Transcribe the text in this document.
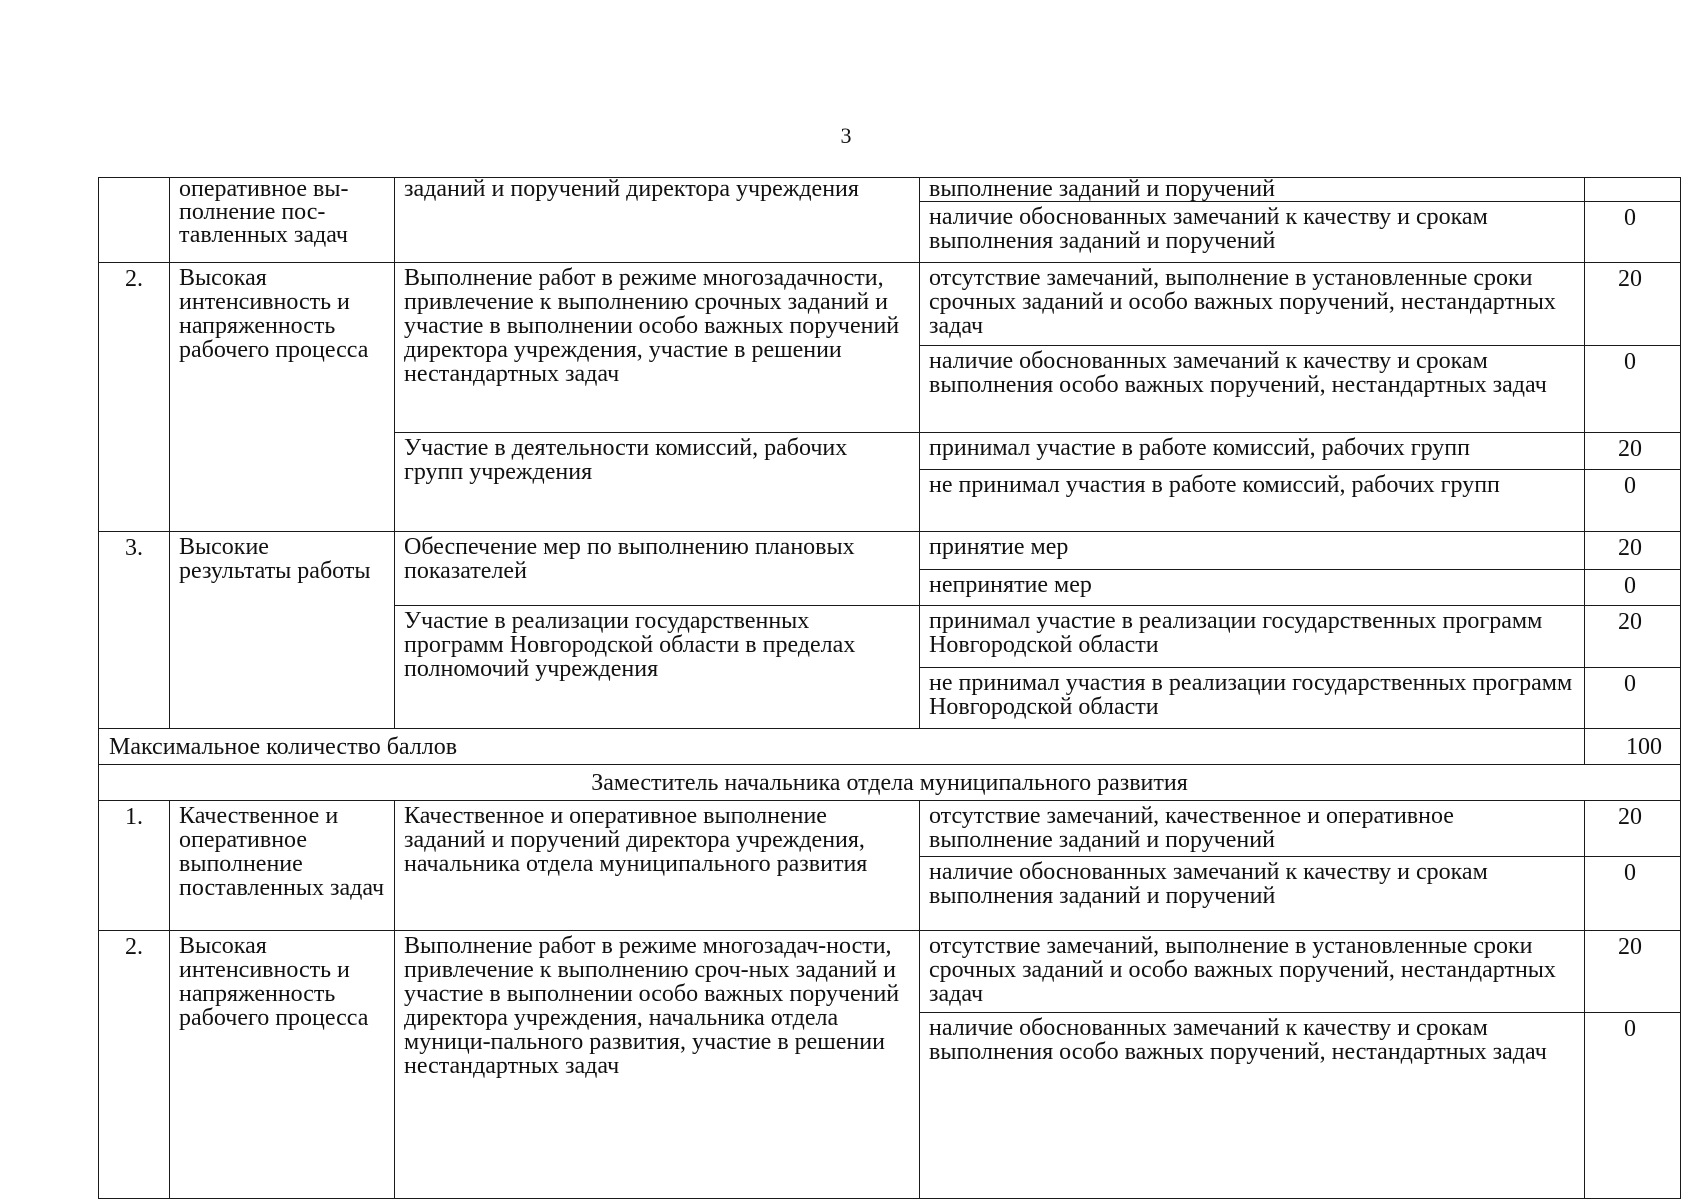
3
	оперативное вы-полнение пос-тавленных задач	заданий и поручений директора учреждения	выполнение заданий и поручений	
			наличие обоснованных замечаний к качеству и срокам выполнения заданий и поручений	0
2.	Высокая интенсивность и напряженность рабочего процесса	Выполнение работ в режиме многозадачности, привлечение к выполнению срочных заданий и участие в выполнении особо важных поручений директора учреждения, участие в решении нестандартных задач	отсутствие замечаний, выполнение в установленные сроки срочных заданий и особо важных поручений, нестандартных задач	20
			наличие обоснованных замечаний к качеству и срокам выполнения особо важных поручений, нестандартных задач	0
		Участие в деятельности комиссий, рабочих групп учреждения	принимал участие в работе комиссий, рабочих групп	20
			не принимал участия в работе комиссий, рабочих групп	0
3.	Высокие результаты работы	Обеспечение мер по выполнению плановых показателей	принятие мер	20
			непринятие мер	0
		Участие в реализации государственных программ Новгородской области в пределах полномочий учреждения	принимал участие в реализации государственных программ Новгородской области	20
			не принимал участия в реализации государственных программ Новгородской области	0
Максимальное количество баллов				100
Заместитель начальника отдела муниципального развития				
1.	Качественное и оперативное выполнение поставленных задач	Качественное и оперативное выполнение заданий и поручений директора учреждения, начальника отдела муниципального развития	отсутствие замечаний, качественное и оперативное выполнение заданий и поручений	20
			наличие обоснованных замечаний к качеству и срокам выполнения заданий и поручений	0
2.	Высокая интенсивность и напряженность рабочего процесса	Выполнение работ в режиме многозадач-ности, привлечение к выполнению сроч-ных заданий и участие в выполнении особо важных поручений директора учреждения, начальника отдела муници-пального развития, участие в решении нестандартных задач	отсутствие замечаний, выполнение в установленные сроки срочных заданий и особо важных поручений, нестандартных задач	20
			наличие обоснованных замечаний к качеству и срокам выполнения особо важных поручений, нестандартных задач	0
